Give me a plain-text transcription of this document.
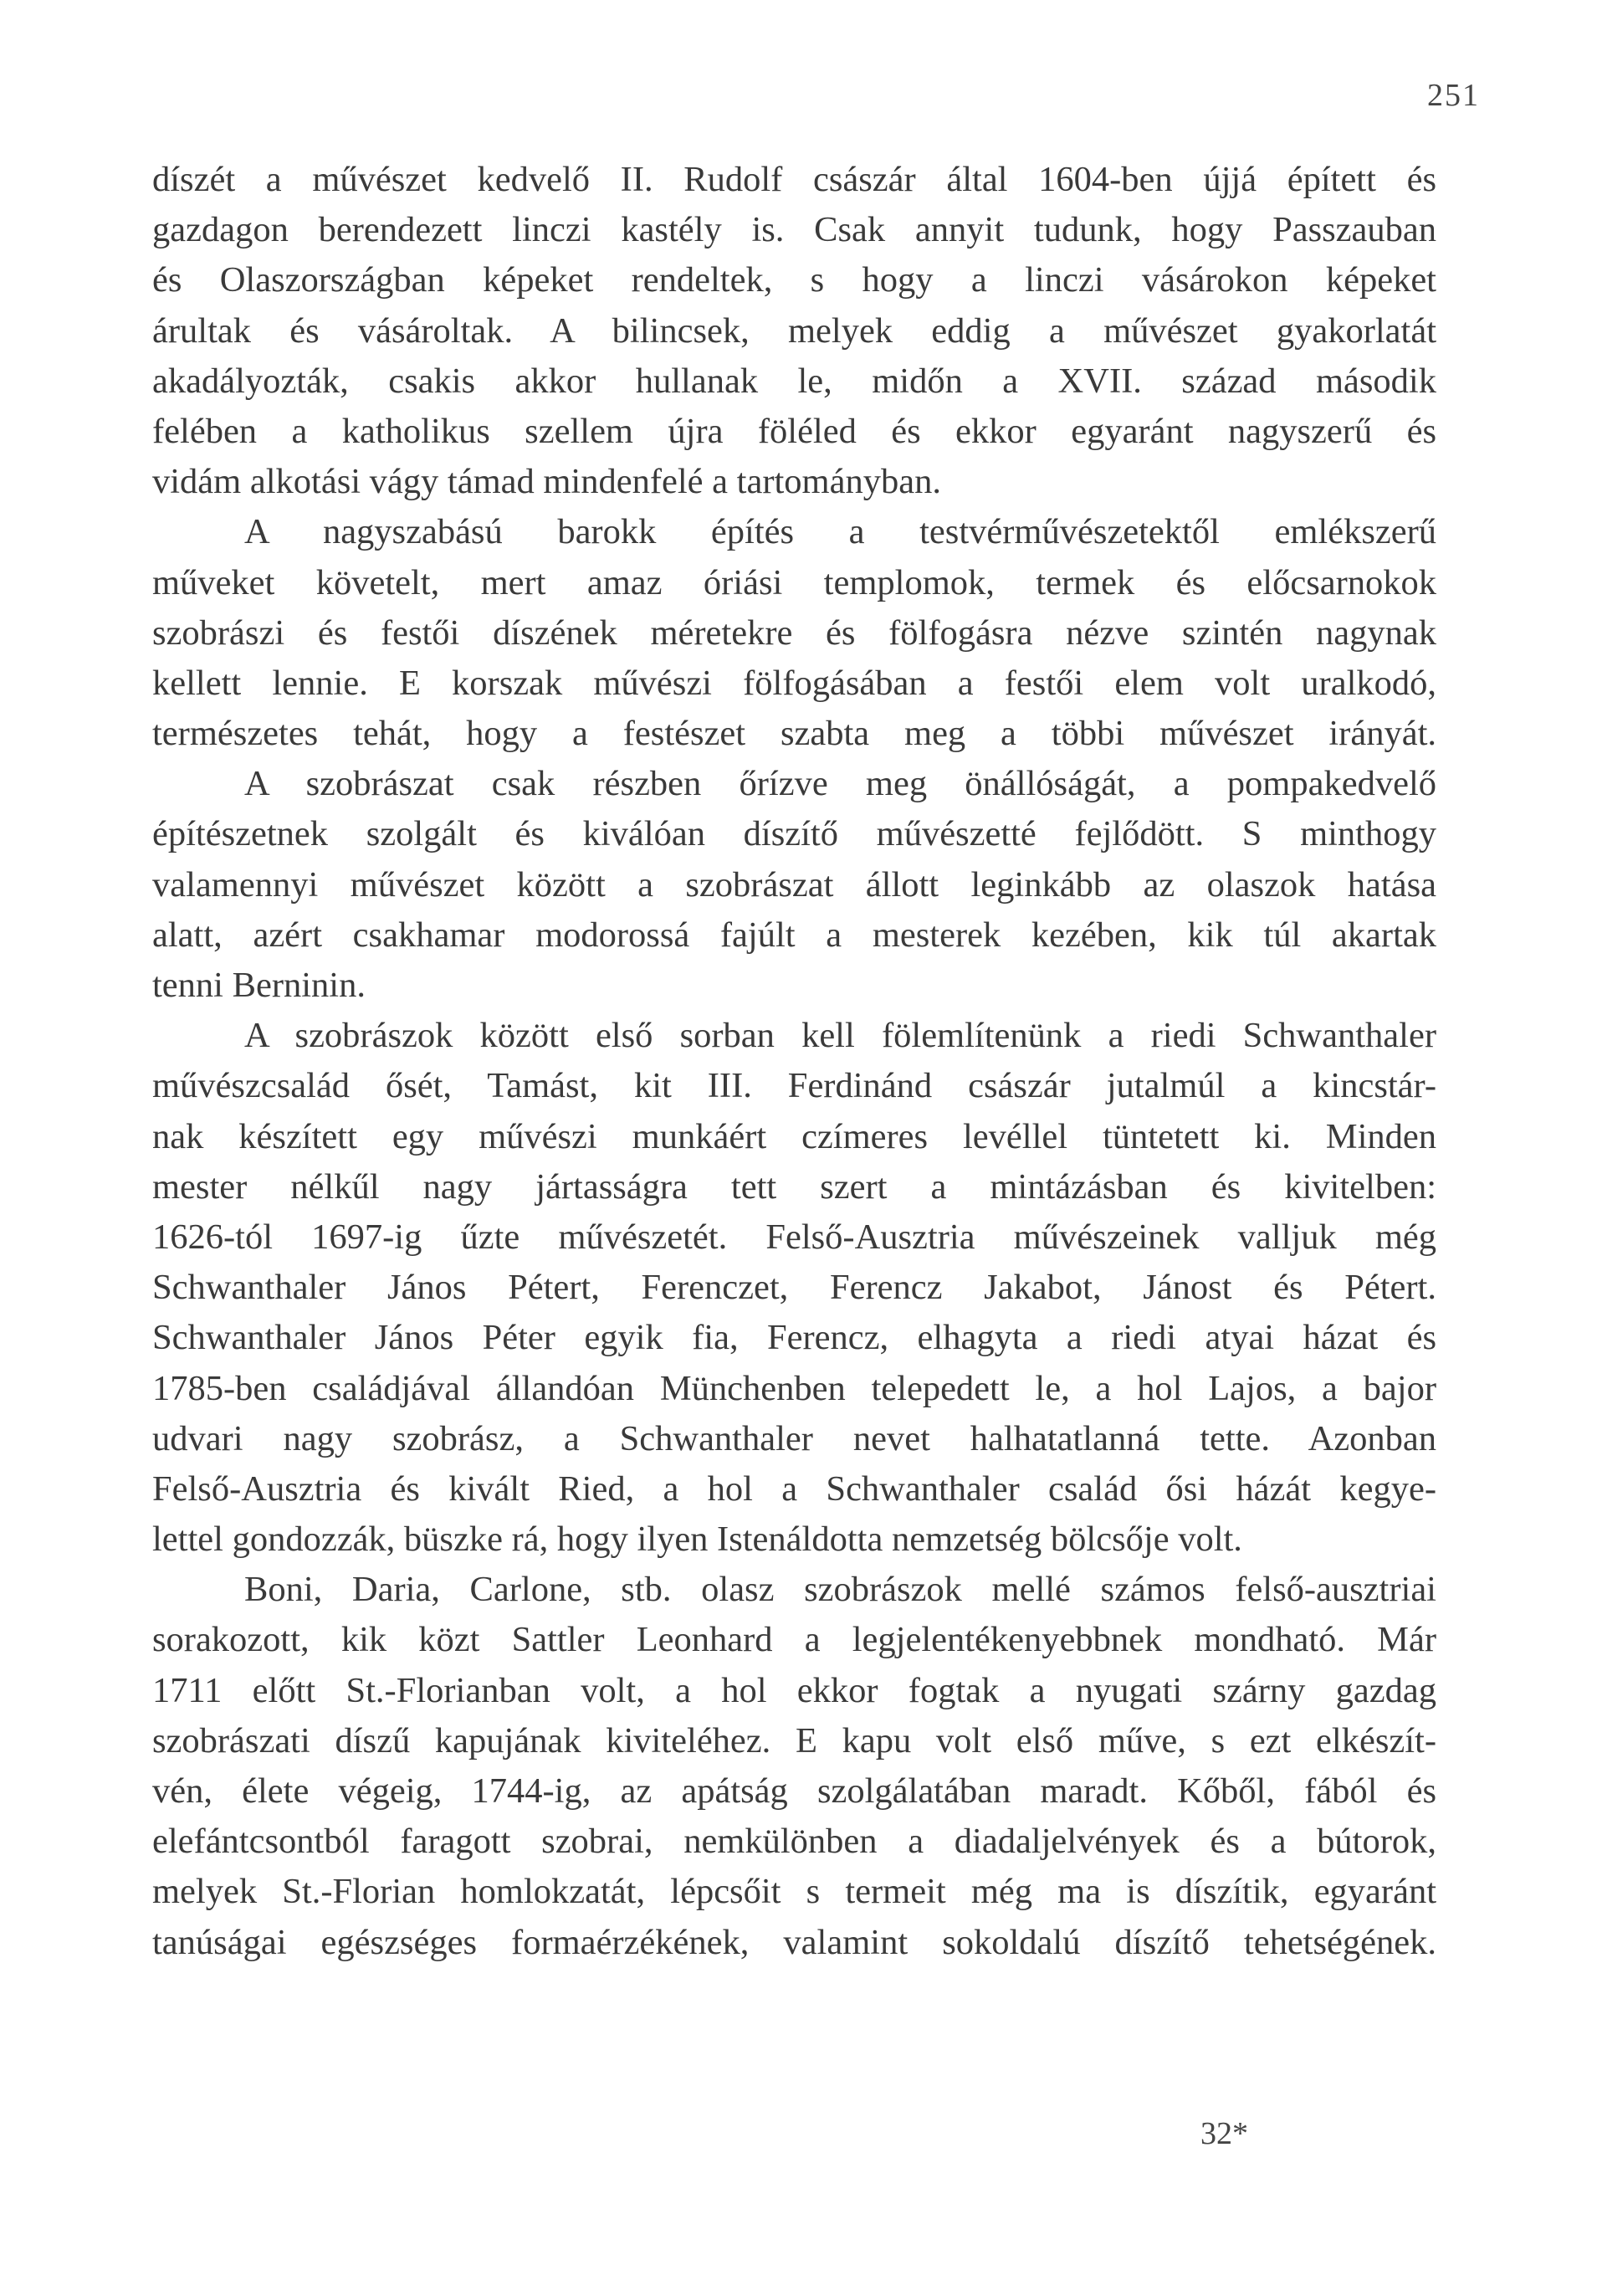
251
díszét a művészet kedvelő II. Rudolf császár által 1604-ben újjá épített és
gazdagon berendezett linczi kastély is. Csak annyit tudunk, hogy Passzauban
és Olaszországban képeket rendeltek, s hogy a linczi vásárokon képeket
árultak és vásároltak. A bilincsek, melyek eddig a művészet gyakorlatát
akadályozták, csakis akkor hullanak le, midőn a XVII. század második
felében a katholikus szellem újra föléled és ekkor egyaránt nagyszerű és
vidám alkotási vágy támad mindenfelé a tartományban.
A nagyszabású barokk építés a testvérművészetektől emlékszerű
műveket követelt, mert amaz óriási templomok, termek és előcsarnokok
szobrászi és festői díszének méretekre és fölfogásra nézve szintén nagynak
kellett lennie. E korszak művészi fölfogásában a festői elem volt uralkodó,
természetes tehát, hogy a festészet szabta meg a többi művészet irányát.
A szobrászat csak részben őrízve meg önállóságát, a pompakedvelő
építészetnek szolgált és kiválóan díszítő művészetté fejlődött. S minthogy
valamennyi művészet között a szobrászat állott leginkább az olaszok hatása
alatt, azért csakhamar modorossá fajúlt a mesterek kezében, kik túl akartak
tenni Berninin.
A szobrászok között első sorban kell fölemlítenünk a riedi Schwanthaler
művészcsalád ősét, Tamást, kit III. Ferdinánd császár jutalmúl a kincstár-
nak készített egy művészi munkáért czímeres levéllel tüntetett ki. Minden
mester nélkűl nagy jártasságra tett szert a mintázásban és kivitelben:
1626-tól 1697-ig űzte művészetét. Felső-Ausztria művészeinek valljuk még
Schwanthaler János Pétert, Ferenczet, Ferencz Jakabot, Jánost és Pétert.
Schwanthaler János Péter egyik fia, Ferencz, elhagyta a riedi atyai házat és
1785-ben családjával állandóan Münchenben telepedett le, a hol Lajos, a bajor
udvari nagy szobrász, a Schwanthaler nevet halhatatlanná tette. Azonban
Felső-Ausztria és kivált Ried, a hol a Schwanthaler család ősi házát kegye-
lettel gondozzák, büszke rá, hogy ilyen Istenáldotta nemzetség bölcsője volt.
Boni, Daria, Carlone, stb. olasz szobrászok mellé számos felső-ausztriai
sorakozott, kik közt Sattler Leonhard a legjelentékenyebbnek mondható. Már
1711 előtt St.-Florianban volt, a hol ekkor fogtak a nyugati szárny gazdag
szobrászati díszű kapujának kiviteléhez. E kapu volt első műve, s ezt elkészít-
vén, élete végeig, 1744-ig, az apátság szolgálatában maradt. Kőből, fából és
elefántcsontból faragott szobrai, nemkülönben a diadaljelvények és a bútorok,
melyek St.-Florian homlokzatát, lépcsőit s termeit még ma is díszítik, egyaránt
tanúságai egészséges formaérzékének, valamint sokoldalú díszítő tehetségének.
32*
